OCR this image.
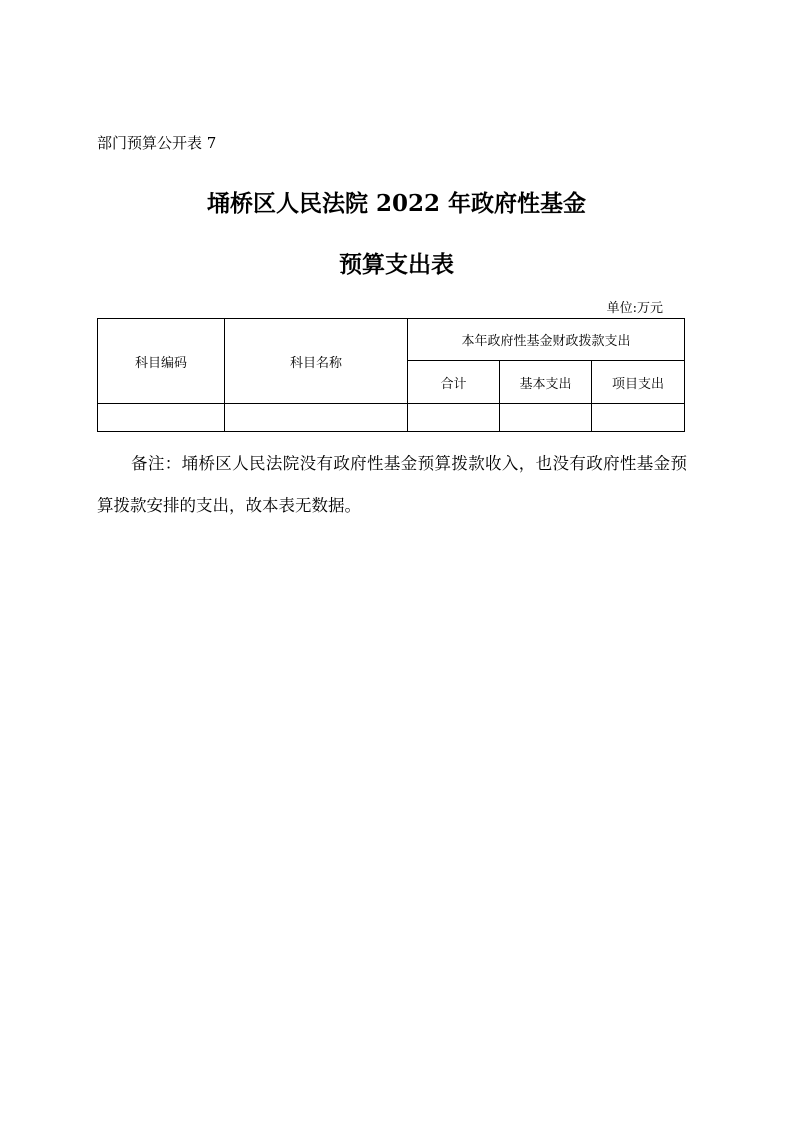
部门预算公开表 7
埇桥区人民法院 2022 年政府性基金
预算支出表
单位:万元
科目编码	科目名称	本年政府性基金财政拨款支出		
		合计	基本支出	项目支出

备注：埇桥区人民法院没有政府性基金预算拨款收入，也没有政府性基金预算拨款安排的支出，故本表无数据。
